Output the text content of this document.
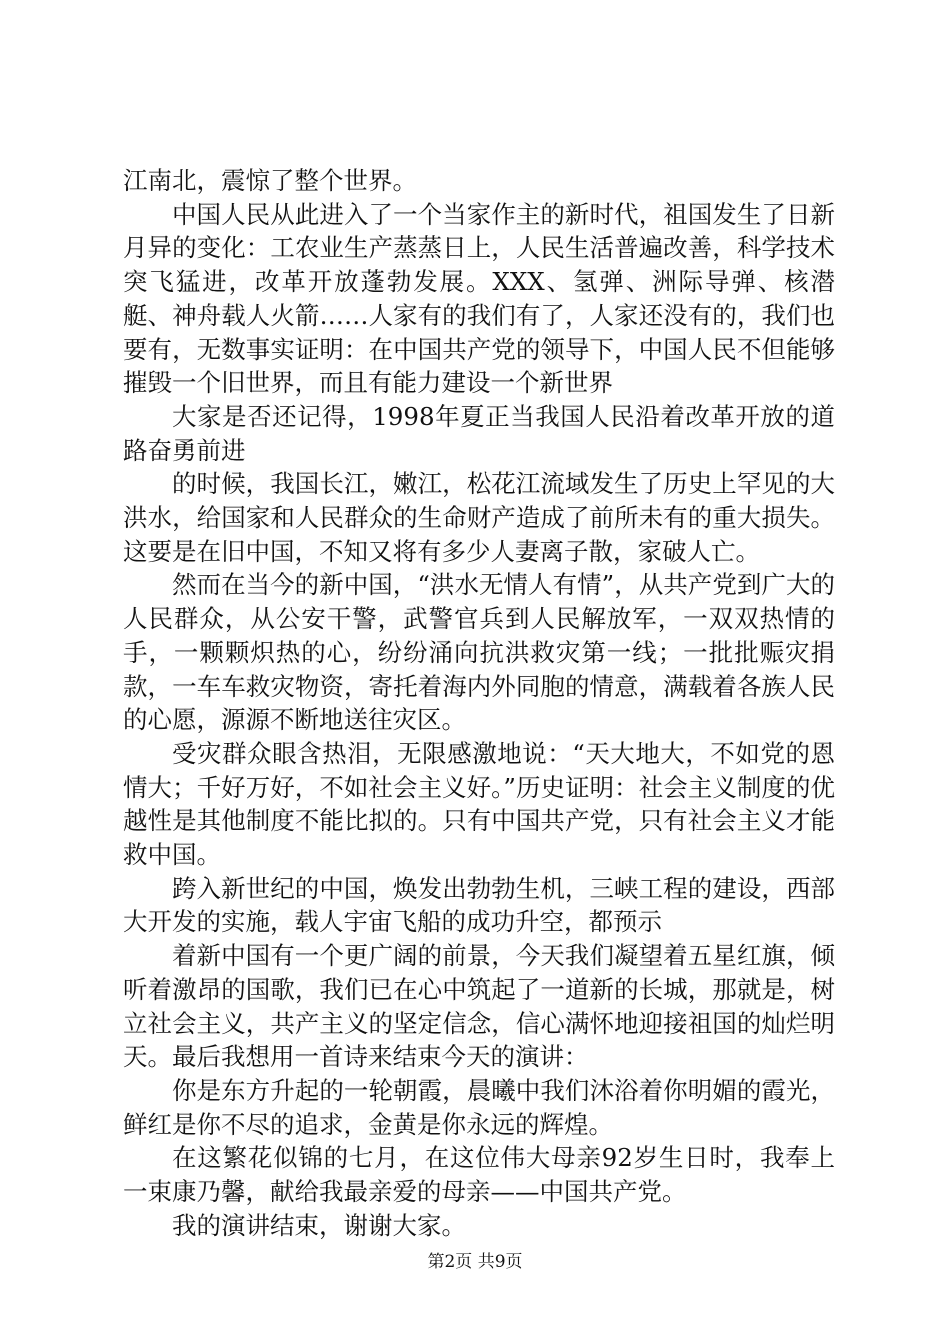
江南北，震惊了整个世界。

中国人民从此进入了一个当家作主的新时代，祖国发生了日新月异的变化：工农业生产蒸蒸日上，人民生活普遍改善，科学技术突飞猛进，改革开放蓬勃发展。XXX、氢弹、洲际导弹、核潜艇、神舟载人火箭……人家有的我们有了，人家还没有的，我们也要有，无数事实证明：在中国共产党的领导下，中国人民不但能够摧毁一个旧世界，而且有能力建设一个新世界

大家是否还记得，1998年夏正当我国人民沿着改革开放的道路奋勇前进

的时候，我国长江，嫩江，松花江流域发生了历史上罕见的大洪水，给国家和人民群众的生命财产造成了前所未有的重大损失。这要是在旧中国，不知又将有多少人妻离子散，家破人亡。

然而在当今的新中国，“洪水无情人有情”，从共产党到广大的人民群众，从公安干警，武警官兵到人民解放军，一双双热情的手，一颗颗炽热的心，纷纷涌向抗洪救灾第一线；一批批赈灾捐款，一车车救灾物资，寄托着海内外同胞的情意，满载着各族人民的心愿，源源不断地送往灾区。

受灾群众眼含热泪，无限感激地说：“天大地大，不如党的恩情大；千好万好，不如社会主义好。”历史证明：社会主义制度的优越性是其他制度不能比拟的。只有中国共产党，只有社会主义才能救中国。

跨入新世纪的中国，焕发出勃勃生机，三峡工程的建设，西部大开发的实施，载人宇宙飞船的成功升空，都预示

着新中国有一个更广阔的前景，今天我们凝望着五星红旗，倾听着激昂的国歌，我们已在心中筑起了一道新的长城，那就是，树立社会主义，共产主义的坚定信念，信心满怀地迎接祖国的灿烂明天。最后我想用一首诗来结束今天的演讲：

你是东方升起的一轮朝霞，晨曦中我们沐浴着你明媚的霞光，鲜红是你不尽的追求，金黄是你永远的辉煌。

在这繁花似锦的七月，在这位伟大母亲92岁生日时，我奉上一束康乃馨，献给我最亲爱的母亲——中国共产党。

我的演讲结束，谢谢大家。

第2页 共9页
